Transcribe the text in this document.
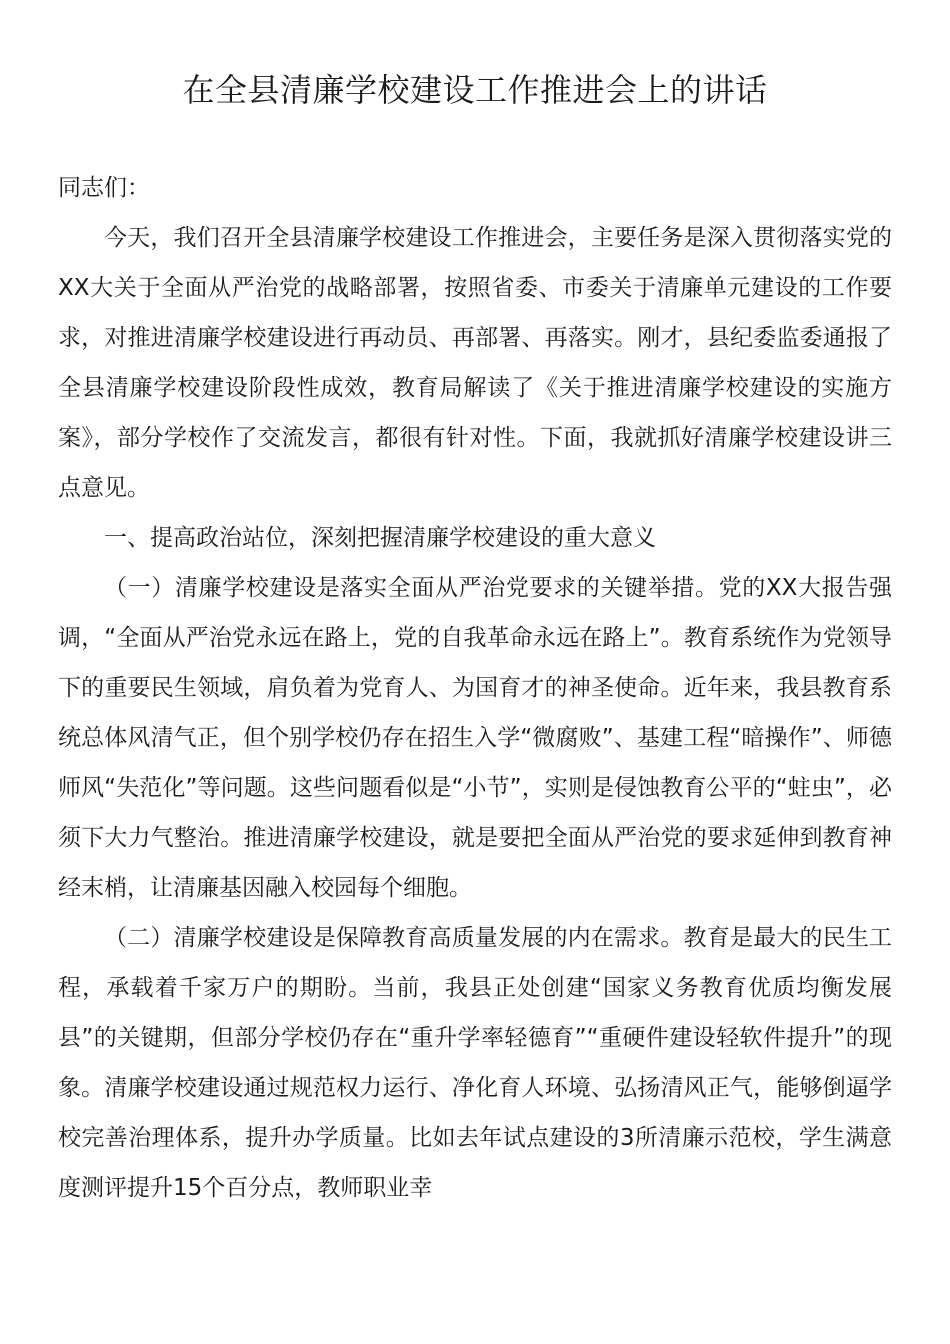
在全县清廉学校建设工作推进会上的讲话

同志们：

今天，我们召开全县清廉学校建设工作推进会，主要任务是深入贯彻落实党的XX大关于全面从严治党的战略部署，按照省委、市委关于清廉单元建设的工作要求，对推进清廉学校建设进行再动员、再部署、再落实。刚才，县纪委监委通报了全县清廉学校建设阶段性成效，教育局解读了《关于推进清廉学校建设的实施方案》，部分学校作了交流发言，都很有针对性。下面，我就抓好清廉学校建设讲三点意见。

一、提高政治站位，深刻把握清廉学校建设的重大意义

（一）清廉学校建设是落实全面从严治党要求的关键举措。党的XX大报告强调，“全面从严治党永远在路上，党的自我革命永远在路上”。教育系统作为党领导下的重要民生领域，肩负着为党育人、为国育才的神圣使命。近年来，我县教育系统总体风清气正，但个别学校仍存在招生入学“微腐败”、基建工程“暗操作”、师德师风“失范化”等问题。这些问题看似是“小节”，实则是侵蚀教育公平的“蛀虫”，必须下大力气整治。推进清廉学校建设，就是要把全面从严治党的要求延伸到教育神经末梢，让清廉基因融入校园每个细胞。

（二）清廉学校建设是保障教育高质量发展的内在需求。教育是最大的民生工程，承载着千家万户的期盼。当前，我县正处创建“国家义务教育优质均衡发展县”的关键期，但部分学校仍存在“重升学率轻德育”“重硬件建设轻软件提升”的现象。清廉学校建设通过规范权力运行、净化育人环境、弘扬清风正气，能够倒逼学校完善治理体系，提升办学质量。比如去年试点建设的3所清廉示范校，学生满意度测评提升15个百分点，教师职业幸
